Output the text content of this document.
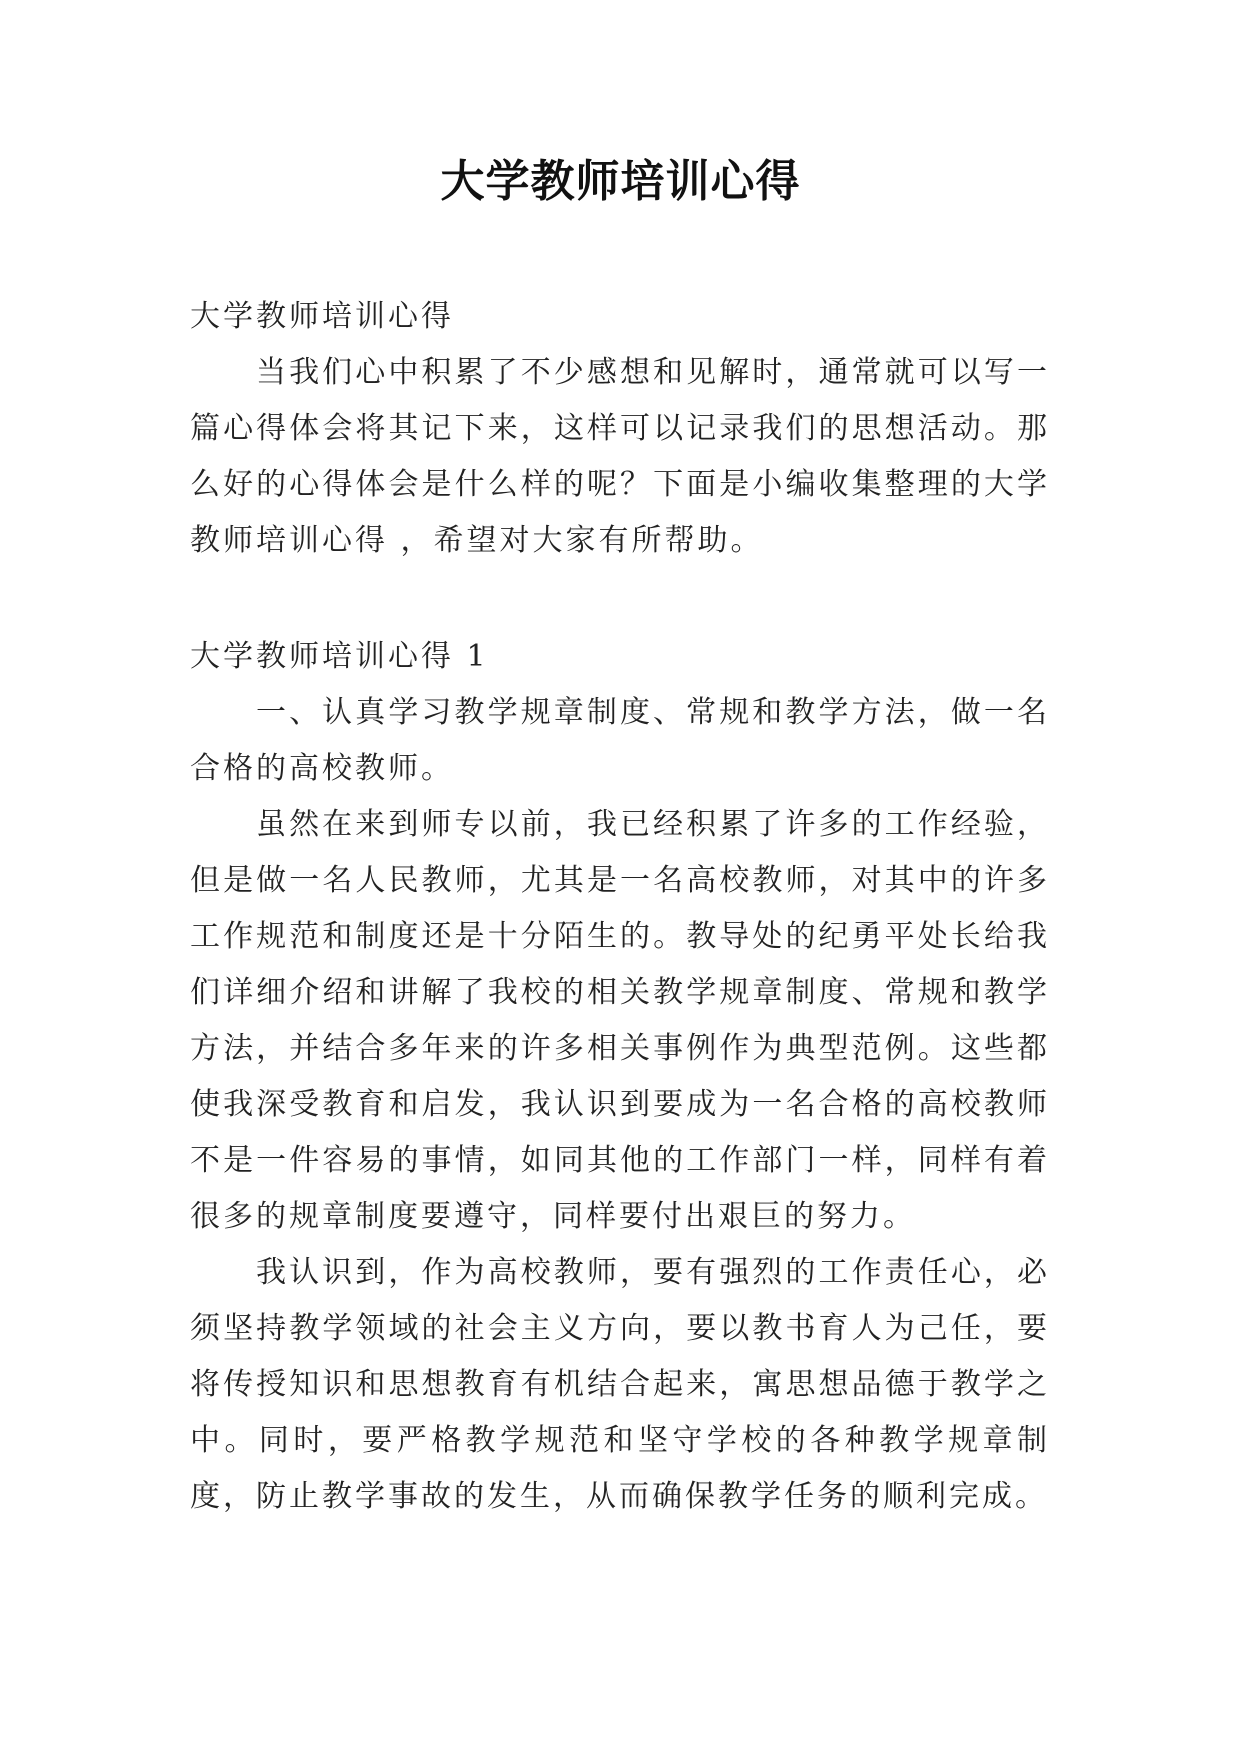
大学教师培训心得
大学教师培训心得

当我们心中积累了不少感想和见解时，通常就可以写一篇心得体会将其记下来，这样可以记录我们的思想活动。那么好的心得体会是什么样的呢？下面是小编收集整理的大学教师培训心得 ，希望对大家有所帮助。

大学教师培训心得 1

一、认真学习教学规章制度、常规和教学方法，做一名合格的高校教师。

虽然在来到师专以前，我已经积累了许多的工作经验，但是做一名人民教师，尤其是一名高校教师，对其中的许多工作规范和制度还是十分陌生的。教导处的纪勇平处长给我们详细介绍和讲解了我校的相关教学规章制度、常规和教学方法，并结合多年来的许多相关事例作为典型范例。这些都使我深受教育和启发，我认识到要成为一名合格的高校教师不是一件容易的事情，如同其他的工作部门一样，同样有着很多的规章制度要遵守，同样要付出艰巨的努力。

我认识到，作为高校教师，要有强烈的工作责任心，必须坚持教学领域的社会主义方向，要以教书育人为己任，要将传授知识和思想教育有机结合起来，寓思想品德于教学之中。同时，要严格教学规范和坚守学校的各种教学规章制度，防止教学事故的发生，从而确保教学任务的顺利完成。
